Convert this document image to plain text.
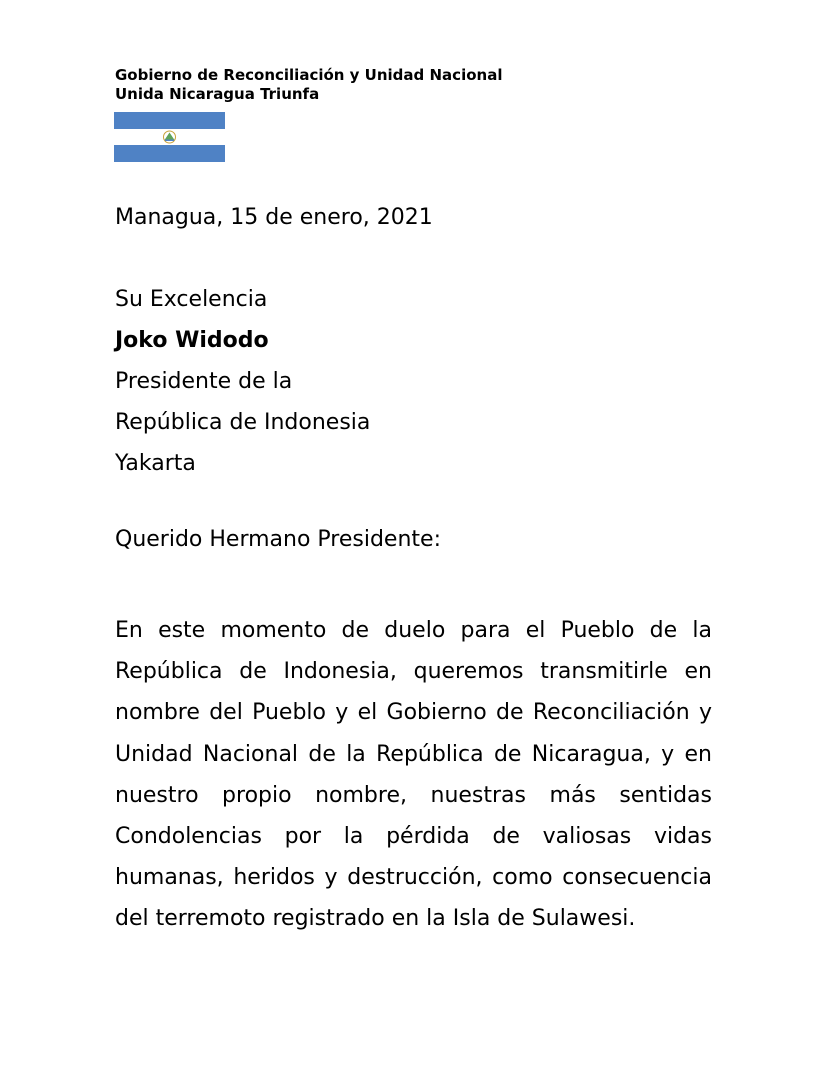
Gobierno de Reconciliación y Unidad Nacional
Unida Nicaragua Triunfa
Managua, 15 de enero, 2021
Su Excelencia
Joko Widodo
Presidente de la
República de Indonesia
Yakarta
Querido Hermano Presidente:
En este momento de duelo para el Pueblo de la República de Indonesia, queremos transmitirle en nombre del Pueblo y el Gobierno de Reconciliación y Unidad Nacional de la República de Nicaragua, y en nuestro propio nombre, nuestras más sentidas Condolencias por la pérdida de valiosas vidas humanas, heridos y destrucción, como consecuencia del terremoto registrado en la Isla de Sulawesi.
